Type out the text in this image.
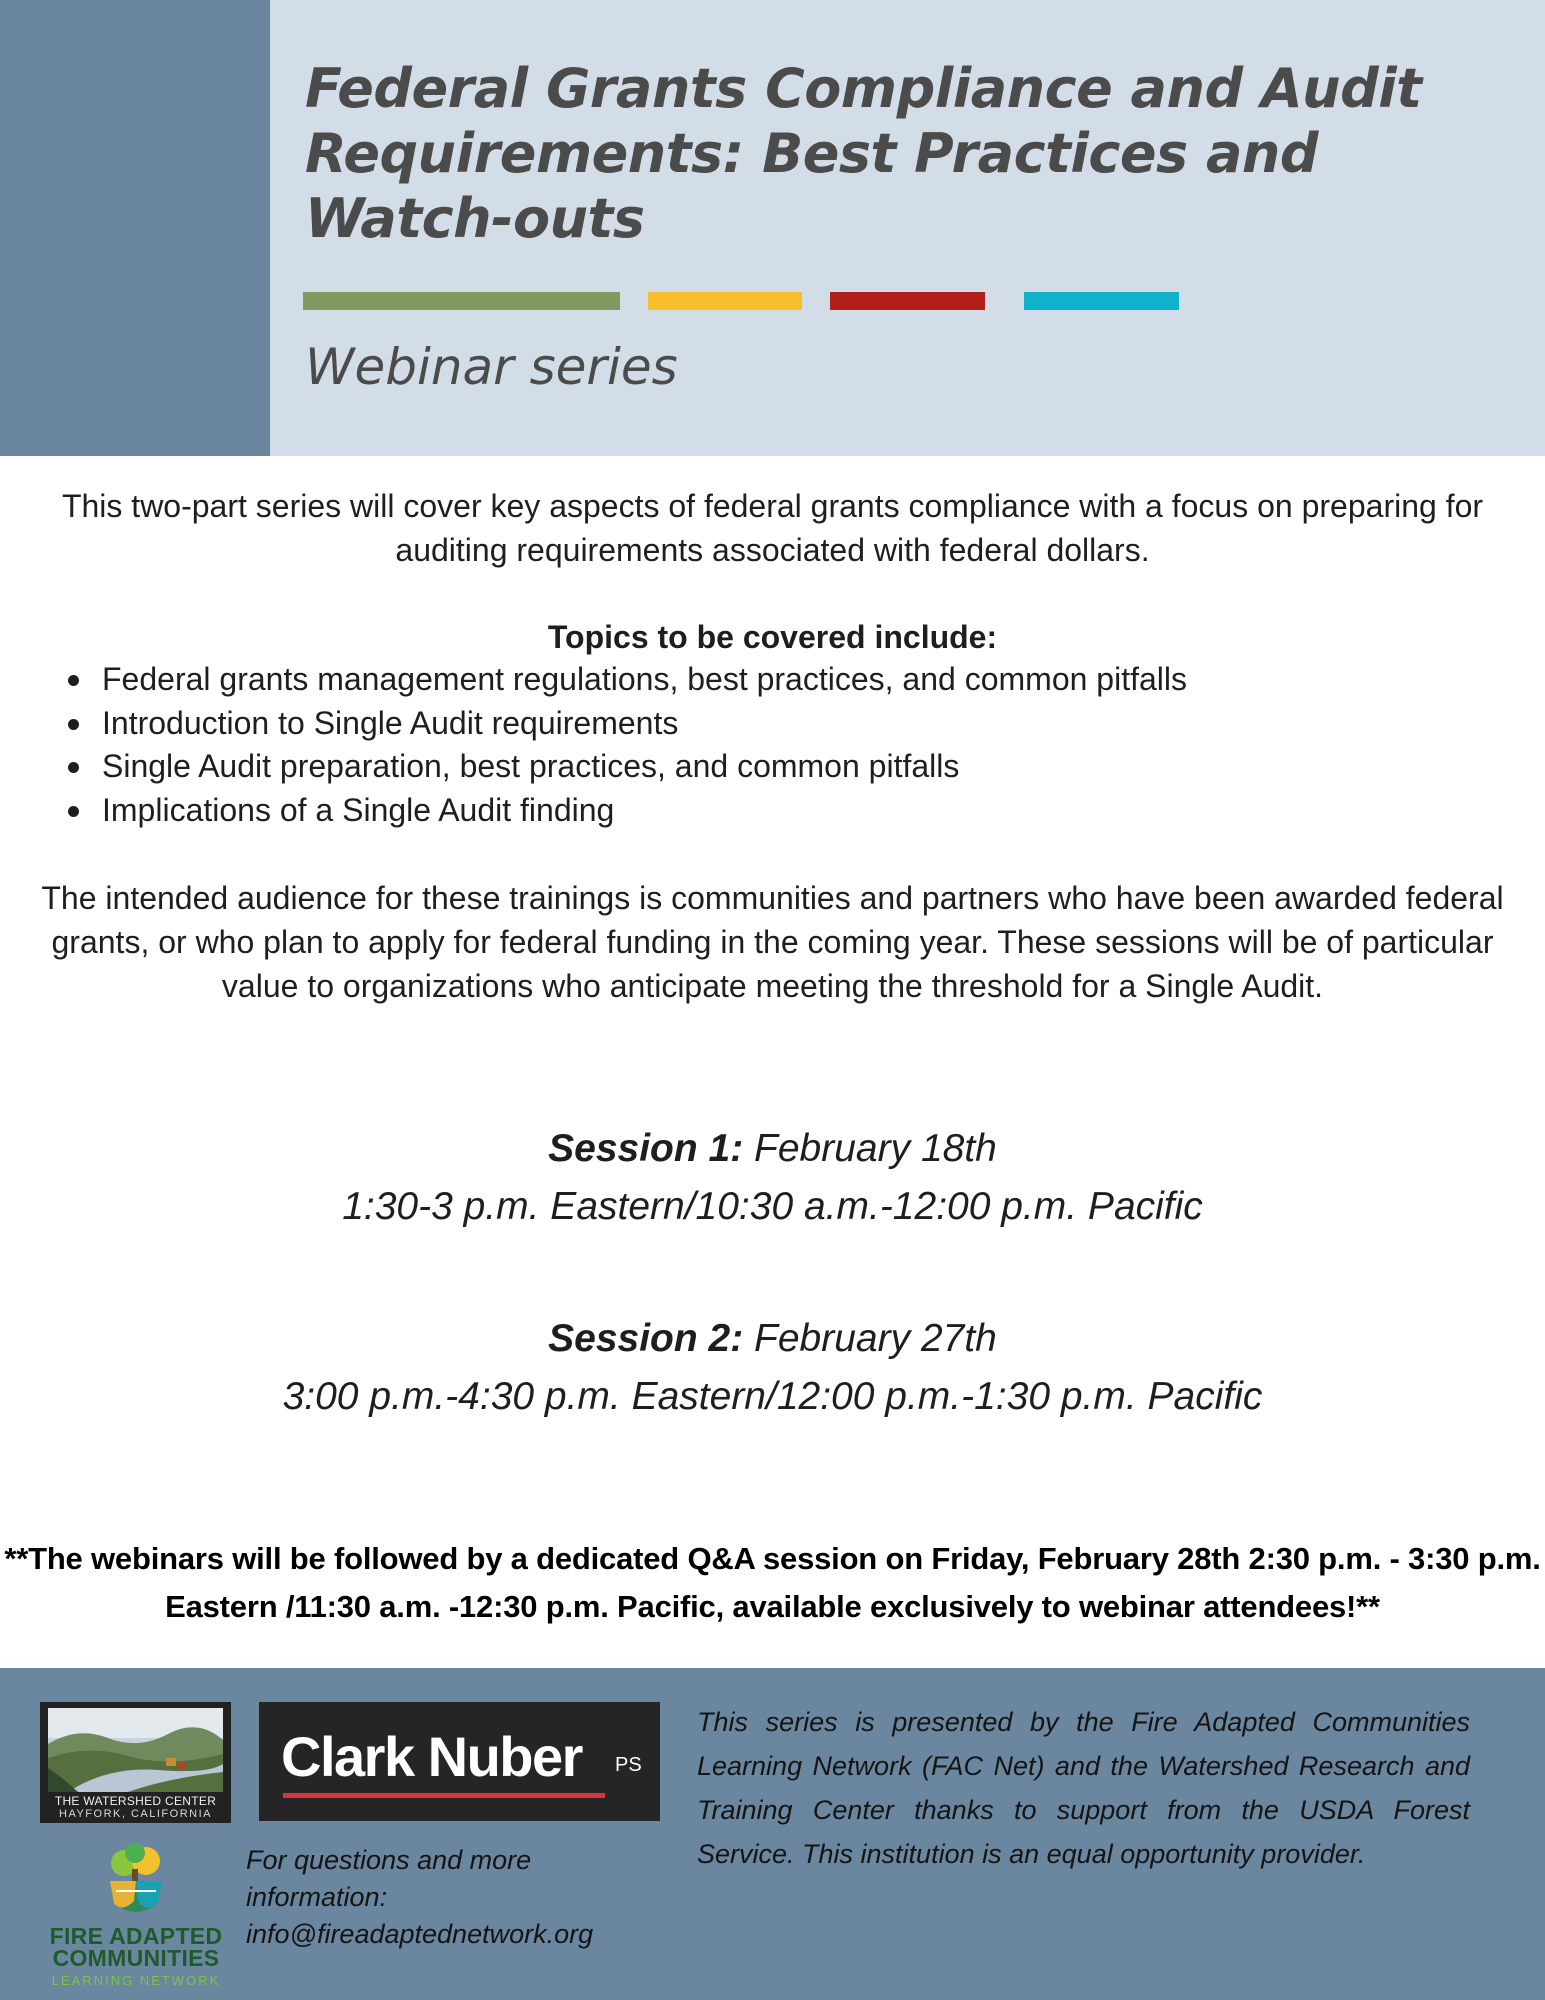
Federal Grants Compliance and Audit Requirements: Best Practices and Watch-outs
Webinar series

This two-part series will cover key aspects of federal grants compliance with a focus on preparing for auditing requirements associated with federal dollars.

Topics to be covered include:

Federal grants management regulations, best practices, and common pitfalls
Introduction to Single Audit requirements
Single Audit preparation, best practices, and common pitfalls
Implications of a Single Audit finding

The intended audience for these trainings is communities and partners who have been awarded federal grants, or who plan to apply for federal funding in the coming year. These sessions will be of particular value to organizations who anticipate meeting the threshold for a Single Audit.

Session 1: February 18th
1:30-3 p.m. Eastern/10:30 a.m.-12:00 p.m. Pacific
Session 2: February 27th
3:00 p.m.-4:30 p.m. Eastern/12:00 p.m.-1:30 p.m. Pacific

**The webinars will be followed by a dedicated Q&A session on Friday, February 28th 2:30 p.m. - 3:30 p.m. Eastern /11:30 a.m. -12:30 p.m. Pacific, available exclusively to webinar attendees!**

THE WATERSHED CENTER
HAYFORK, CALIFORNIA
Clark Nuber PS
FIRE ADAPTED
COMMUNITIES
LEARNING NETWORK

For questions and more information: info@fireadaptednetwork.org

This series is presented by the Fire Adapted Communities Learning Network (FAC Net) and the Watershed Research and Training Center thanks to support from the USDA Forest Service. This institution is an equal opportunity provider.
